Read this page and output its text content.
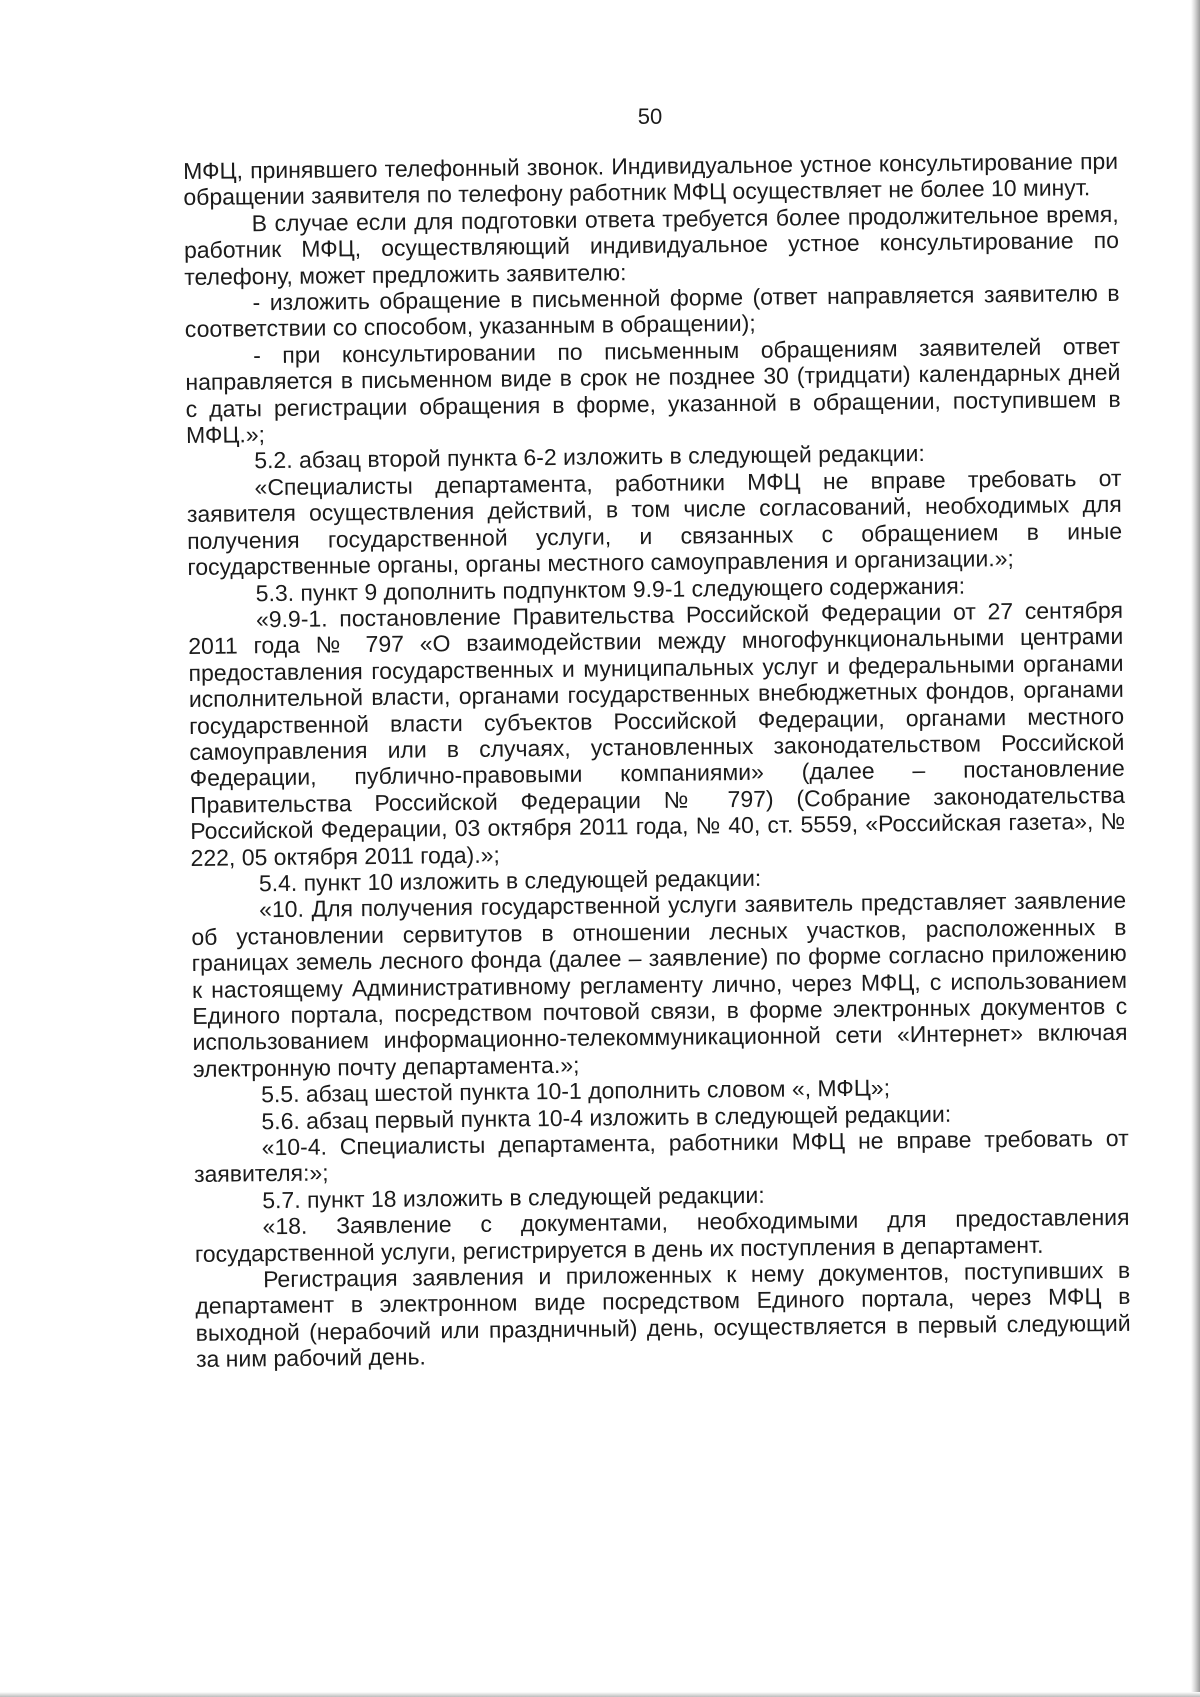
50

МФЦ, принявшего телефонный звонок. Индивидуальное устное консультирование при обращении заявителя по телефону работник МФЦ осуществляет не более 10 минут.

В случае если для подготовки ответа требуется более продолжительное время, работник МФЦ, осуществляющий индивидуальное устное консультирование по телефону, может предложить заявителю:

- изложить обращение в письменной форме (ответ направляется заявителю в соответствии со способом, указанным в обращении);

- при консультировании по письменным обращениям заявителей ответ направляется в письменном виде в срок не позднее 30 (тридцати) календарных дней с даты регистрации обращения в форме, указанной в обращении, поступившем в МФЦ.»;

5.2. абзац второй пункта 6-2 изложить в следующей редакции:

«Специалисты департамента, работники МФЦ не вправе требовать от заявителя осуществления действий, в том числе согласований, необходимых для получения государственной услуги, и связанных с обращением в иные государственные органы, органы местного самоуправления и организации.»;

5.3. пункт 9 дополнить подпунктом 9.9-1 следующего содержания:

«9.9-1. постановление Правительства Российской Федерации от 27 сентября 2011 года № 797 «О взаимодействии между многофункциональными центрами предоставления государственных и муниципальных услуг и федеральными органами исполнительной власти, органами государственных внебюджетных фондов, органами государственной власти субъектов Российской Федерации, органами местного самоуправления или в случаях, установленных законодательством Российской Федерации, публично-правовыми компаниями» (далее – постановление Правительства Российской Федерации № 797) (Собрание законодательства Российской Федерации, 03 октября 2011 года, № 40, ст. 5559, «Российская газета», № 222, 05 октября 2011 года).»;

5.4. пункт 10 изложить в следующей редакции:

«10. Для получения государственной услуги заявитель представляет заявление об установлении сервитутов в отношении лесных участков, расположенных в границах земель лесного фонда (далее – заявление) по форме согласно приложению к настоящему Административному регламенту лично, через МФЦ, с использованием Единого портала, посредством почтовой связи, в форме электронных документов с использованием информационно-телекоммуникационной сети «Интернет» включая электронную почту департамента.»;

5.5. абзац шестой пункта 10-1 дополнить словом «, МФЦ»;

5.6. абзац первый пункта 10-4 изложить в следующей редакции:

«10-4. Специалисты департамента, работники МФЦ не вправе требовать от заявителя:»;

5.7. пункт 18 изложить в следующей редакции:

«18. Заявление с документами, необходимыми для предоставления государственной услуги, регистрируется в день их поступления в департамент.

Регистрация заявления и приложенных к нему документов, поступивших в департамент в электронном виде посредством Единого портала, через МФЦ в выходной (нерабочий или праздничный) день, осуществляется в первый следующий за ним рабочий день.
